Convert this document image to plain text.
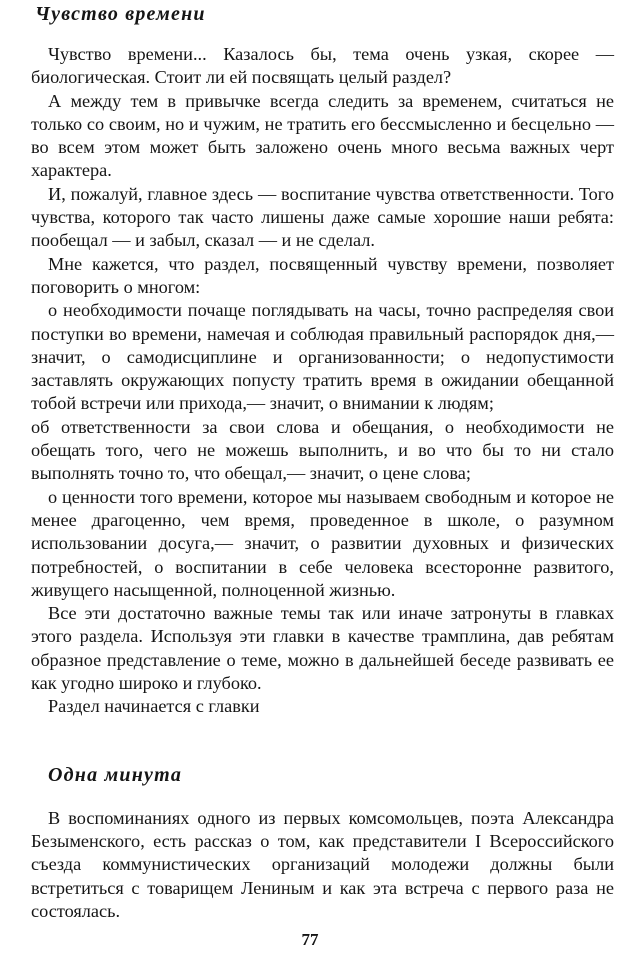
Чувство времени

Чувство времени... Казалось бы, тема очень узкая, скорее — биологическая. Стоит ли ей посвящать целый раздел?

А между тем в привычке всегда следить за временем, считаться не только со своим, но и чужим, не тратить его бессмысленно и бесцельно — во всем этом может быть заложено очень много весьма важных черт характера.

И, пожалуй, главное здесь — воспитание чувства ответственности. Того чувства, которого так часто лишены даже самые хорошие наши ребята: пообещал — и забыл, сказал — и не сделал.

Мне кажется, что раздел, посвященный чувству времени, позволяет поговорить о многом:

о необходимости почаще поглядывать на часы, точно распределяя свои поступки во времени, намечая и соблюдая правильный распорядок дня,— значит, о самодисциплине и организованности; о недопустимости заставлять окружающих попусту тратить время в ожидании обещанной тобой встречи или прихода,— значит, о внимании к людям;

об ответственности за свои слова и обещания, о необходимости не обещать того, чего не можешь выполнить, и во что бы то ни стало выполнять точно то, что обещал,— значит, о цене слова;

о ценности того времени, которое мы называем свободным и которое не менее драгоценно, чем время, проведенное в школе, о разумном использовании досуга,— значит, о развитии духовных и физических потребностей, о воспитании в себе человека всесторонне развитого, живущего насыщенной, полноценной жизнью.

Все эти достаточно важные темы так или иначе затронуты в главках этого раздела. Используя эти главки в качестве трамплина, дав ребятам образное представление о теме, можно в дальнейшей беседе развивать ее как угодно широко и глубоко.

Раздел начинается с главки

Одна минута

В воспоминаниях одного из первых комсомольцев, поэта Александра Безыменского, есть рассказ о том, как представители I Всероссийского съезда коммунистических организаций молодежи должны были встретиться с товарищем Лениным и как эта встреча с первого раза не состоялась.

77
